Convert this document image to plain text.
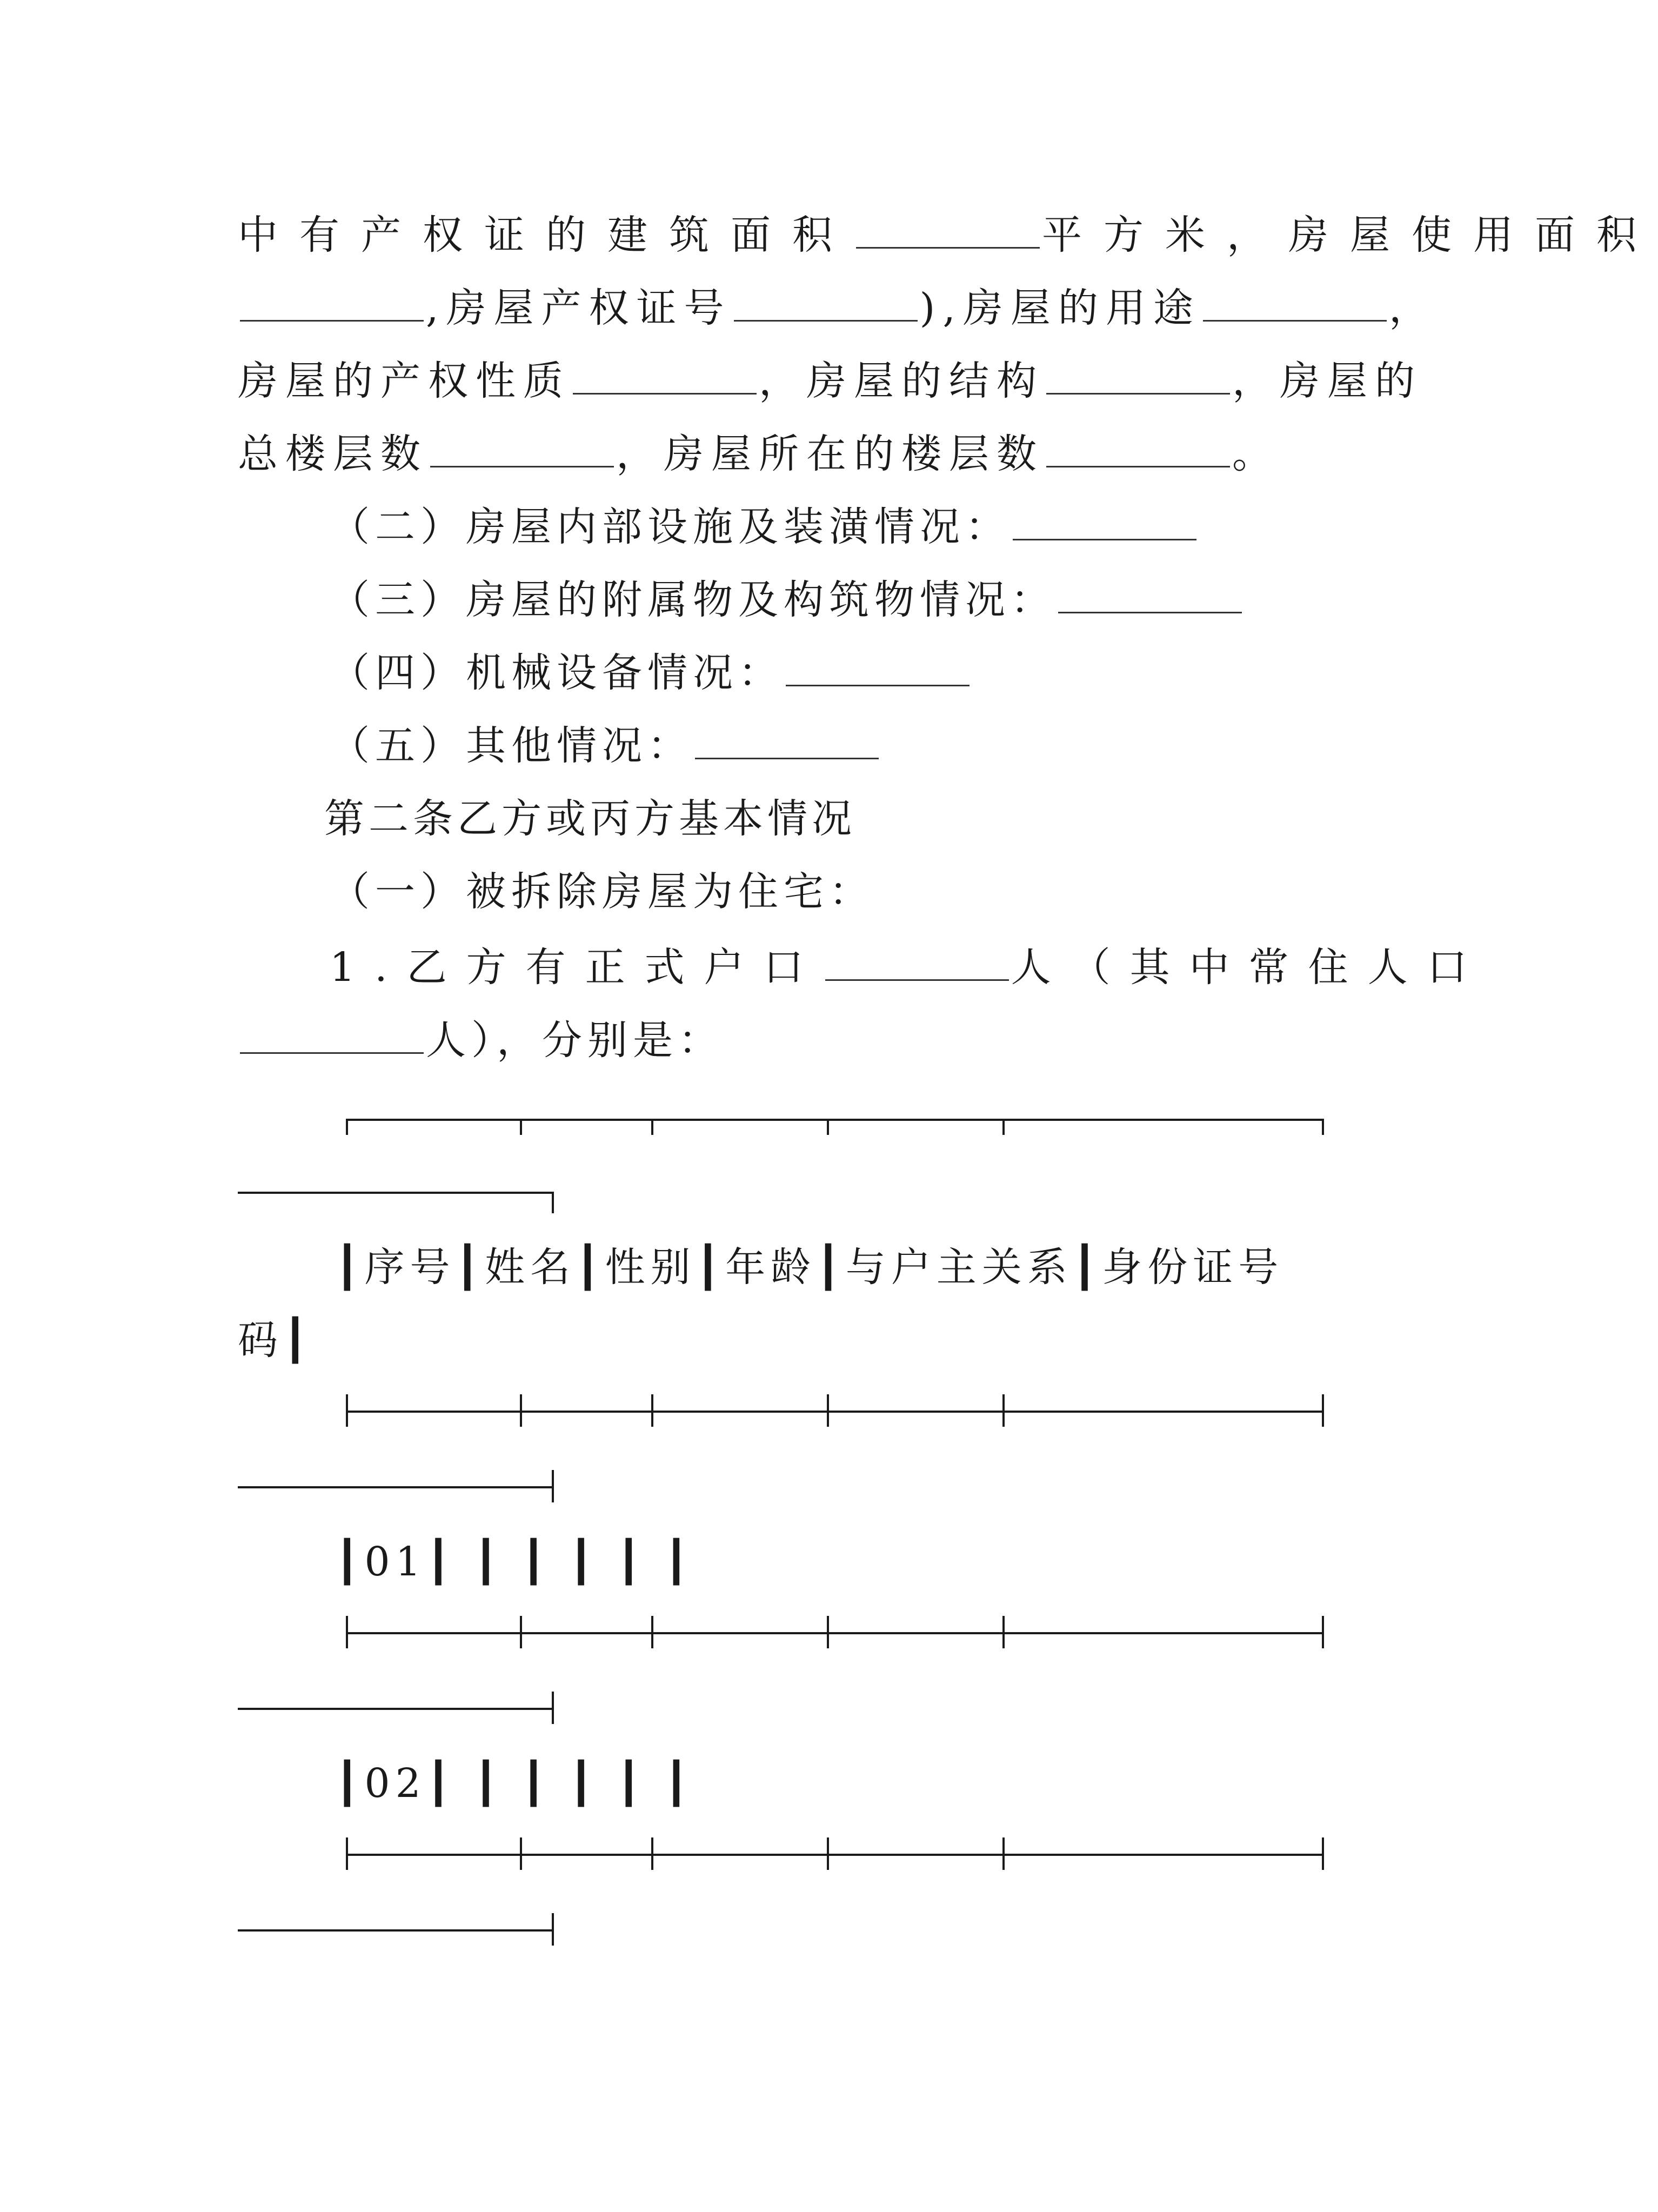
中有产权证的建筑面积	平方米，房屋使用面积
,房屋产权证号	),房屋的用途	，
房屋的产权性质	，房屋的结构	，房屋的
总楼层数	，房屋所在的楼层数	。
（二）房屋内部设施及装潢情况：
（三）房屋的附属物及构筑物情况：
（四）机械设备情况：
（五）其他情况：
第二条乙方或丙方基本情况
（一）被拆除房屋为住宅：
1.乙方有正式户口	人（其中常住人口
人），分别是：
┃序号┃姓名┃性别┃年龄┃与户主关系┃身份证号
码┃
┃01┃ ┃ ┃ ┃ ┃ ┃
┃02┃ ┃ ┃ ┃ ┃ ┃
